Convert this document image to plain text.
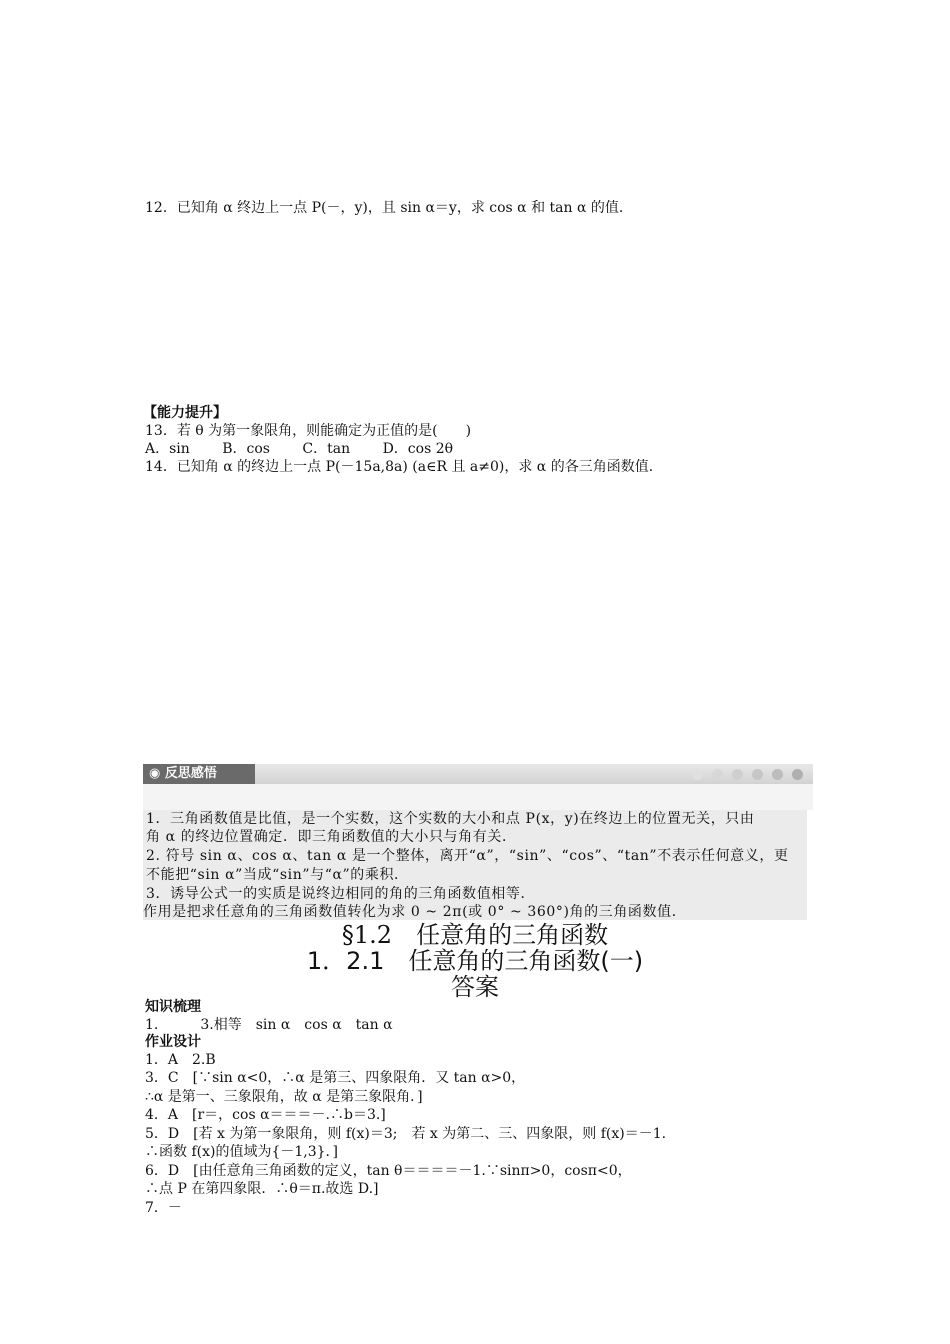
12．已知角 α 终边上一点 P(－，y)，且 sin α＝y，求 cos α 和 tan α 的值．
【能力提升】
13．若 θ 为第一象限角，则能确定为正值的是(　　)
A．sin　　 B．cos　　 C．tan　　 D．cos 2θ
14．已知角 α 的终边上一点 P(－15a,8a) (a∈R 且 a≠0)，求 α 的各三角函数值．
◉ 反思感悟
1．三角函数值是比值，是一个实数，这个实数的大小和点 P(x，y)在终边上的位置无关，只由
角 α 的终边位置确定．即三角函数值的大小只与角有关．
2. 符号 sin α、cos α、tan α 是一个整体，离开“α”，“sin”、“cos”、“tan”不表示任何意义，更
不能把“sin α”当成“sin”与“α”的乘积．
3．诱导公式一的实质是说终边相同的角的三角函数值相等．
作用是把求任意角的三角函数值转化为求 0 ~ 2π(或 0° ~ 360°)角的三角函数值．
§1.2　任意角的三角函数
1．2.1　任意角的三角函数(一)
答案
知识梳理
1.　　　3.相等　sin α　cos α　tan α
作业设计
1．A　2.B
3．C　[∵sin α<0，∴α 是第三、四象限角．又 tan α>0，
∴α 是第一、三象限角，故 α 是第三象限角．]
4．A　[r＝，cos α＝＝＝－.∴b＝3.]
5．D　[若 x 为第一象限角，则 f(x)＝3;　若 x 为第二、三、四象限，则 f(x)＝－1.
∴函数 f(x)的值域为{－1,3}．]
6．D　[由任意角三角函数的定义，tan θ＝＝＝＝－1.∵sinπ>0，cosπ<0，
∴点 P 在第四象限．∴θ＝π.故选 D.]
7．－
